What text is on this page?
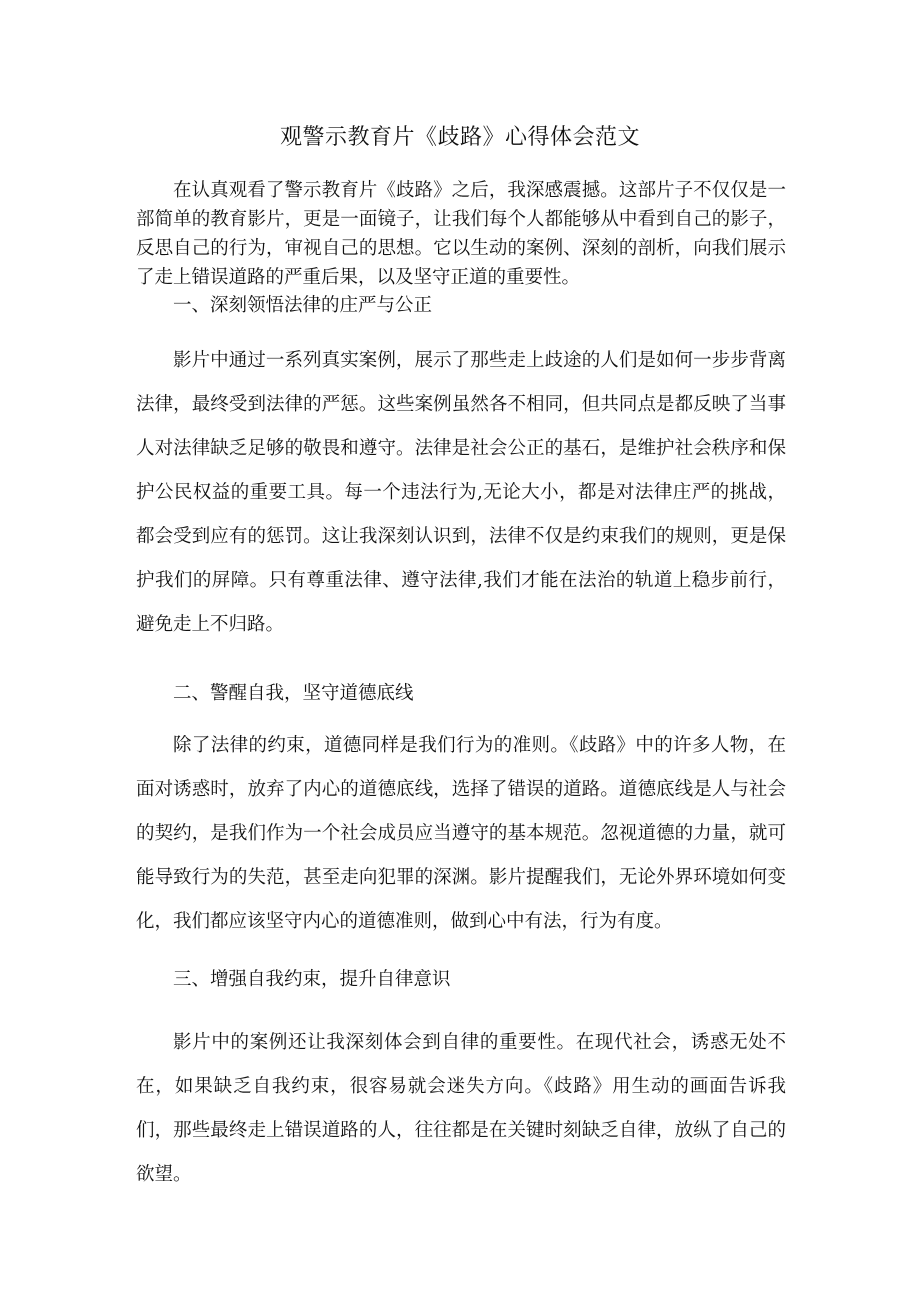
观警示教育片《歧路》心得体会范文

在认真观看了警示教育片《歧路》之后，我深感震撼。这部片子不仅仅是一部简单的教育影片，更是一面镜子，让我们每个人都能够从中看到自己的影子，反思自己的行为，审视自己的思想。它以生动的案例、深刻的剖析，向我们展示了走上错误道路的严重后果，以及坚守正道的重要性。

一、深刻领悟法律的庄严与公正

影片中通过一系列真实案例，展示了那些走上歧途的人们是如何一步步背离法律，最终受到法律的严惩。这些案例虽然各不相同，但共同点是都反映了当事人对法律缺乏足够的敬畏和遵守。法律是社会公正的基石，是维护社会秩序和保护公民权益的重要工具。每一个违法行为,无论大小，都是对法律庄严的挑战，都会受到应有的惩罚。这让我深刻认识到，法律不仅是约束我们的规则，更是保护我们的屏障。只有尊重法律、遵守法律,我们才能在法治的轨道上稳步前行，避免走上不归路。

二、警醒自我，坚守道德底线

除了法律的约束，道德同样是我们行为的准则。《歧路》中的许多人物，在面对诱惑时，放弃了内心的道德底线，选择了错误的道路。道德底线是人与社会的契约，是我们作为一个社会成员应当遵守的基本规范。忽视道德的力量，就可能导致行为的失范，甚至走向犯罪的深渊。影片提醒我们，无论外界环境如何变化，我们都应该坚守内心的道德准则，做到心中有法，行为有度。

三、增强自我约束，提升自律意识

影片中的案例还让我深刻体会到自律的重要性。在现代社会，诱惑无处不在，如果缺乏自我约束，很容易就会迷失方向。《歧路》用生动的画面告诉我们，那些最终走上错误道路的人，往往都是在关键时刻缺乏自律，放纵了自己的欲望。
